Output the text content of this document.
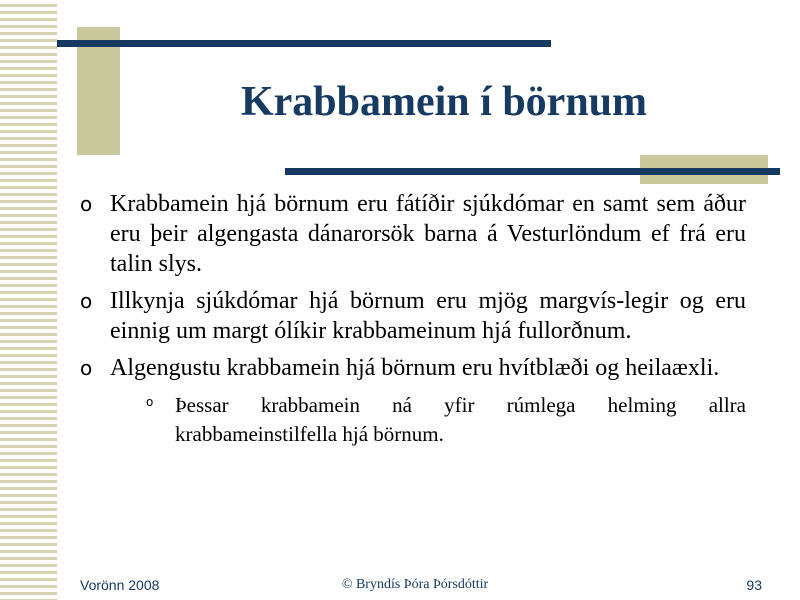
Krabbamein í börnum
o Krabbamein hjá börnum eru fátíðir sjúkdómar en samt sem áður eru þeir algengasta dánarorsök barna á Vesturlöndum ef frá eru talin slys.
o Illkynja sjúkdómar hjá börnum eru mjög margvís-legir og eru einnig um margt ólíkir krabbameinum hjá fullorðnum.
o Algengustu krabbamein hjá börnum eru hvítblæði og heilaæxli.
o Þessar krabbamein ná yfir rúmlega helming allra krabbameinstilfella hjá börnum.
Vorönn 2008	© Bryndís Þóra Þórsdóttir	93
